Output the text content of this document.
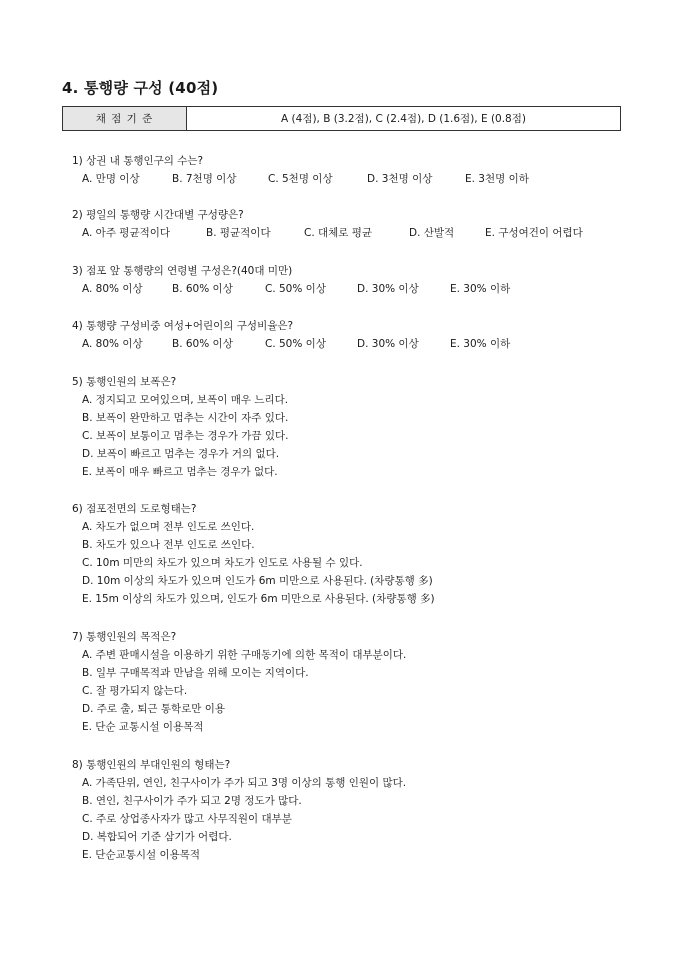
4. 통행량 구성 (40점)
채 점 기 준	A (4점), B (3.2점), C (2.4점), D (1.6점), E (0.8점)
1) 상권 내 통행인구의 수는?
A. 만명 이상	B. 7천명 이상	C. 5천명 이상	D. 3천명 이상	E. 3천명 이하
2) 평일의 통행량 시간대별 구성량은?
A. 아주 평균적이다	B. 평균적이다	C. 대체로 평균	D. 산발적	E. 구성여건이 어렵다
3) 점포 앞 통행량의 연령별 구성은?(40대 미만)
A. 80% 이상	B. 60% 이상	C. 50% 이상	D. 30% 이상	E. 30% 이하
4) 통행량 구성비중 여성+어린이의 구성비율은?
A. 80% 이상	B. 60% 이상	C. 50% 이상	D. 30% 이상	E. 30% 이하
5) 통행인원의 보폭은?
A. 정지되고 모여있으며, 보폭이 매우 느리다.
B. 보폭이 완만하고 멈추는 시간이 자주 있다.
C. 보폭이 보통이고 멈추는 경우가 가끔 있다.
D. 보폭이 빠르고 멈추는 경우가 거의 없다.
E. 보폭이 매우 빠르고 멈추는 경우가 없다.
6) 점포전면의 도로형태는?
A. 차도가 없으며 전부 인도로 쓰인다.
B. 차도가 있으나 전부 인도로 쓰인다.
C. 10m 미만의 차도가 있으며 차도가 인도로 사용될 수 있다.
D. 10m 이상의 차도가 있으며 인도가 6m 미만으로 사용된다. (차량통행 多)
E. 15m 이상의 차도가 있으며, 인도가 6m 미만으로 사용된다. (차량통행 多)
7) 통행인원의 목적은?
A. 주변 판매시설을 이용하기 위한 구매동기에 의한 목적이 대부분이다.
B. 일부 구매목적과 만남을 위해 모이는 지역이다.
C. 잘 평가되지 않는다.
D. 주로 출, 퇴근 통학로만 이용
E. 단순 교통시설 이용목적
8) 통행인원의 부대인원의 형태는?
A. 가족단위, 연인, 친구사이가 주가 되고 3명 이상의 통행 인원이 많다.
B. 연인, 친구사이가 주가 되고 2명 정도가 많다.
C. 주로 상업종사자가 많고 사무직원이 대부분
D. 복합되어 기준 삼기가 어렵다.
E. 단순교통시설 이용목적
